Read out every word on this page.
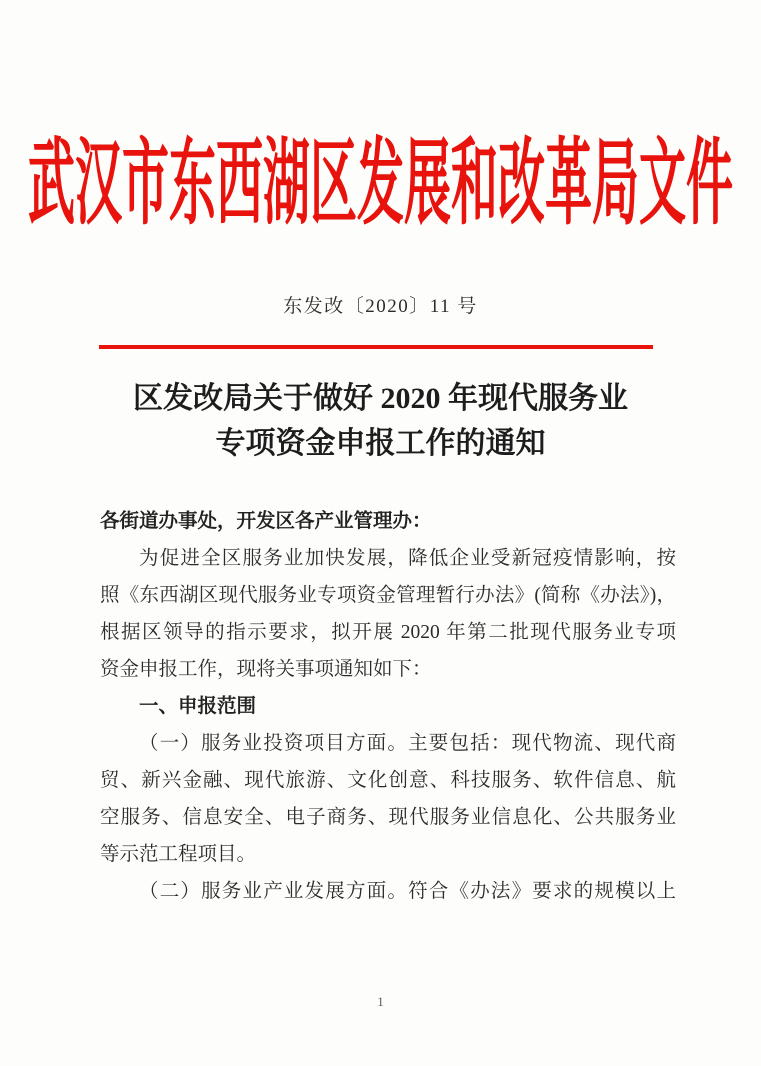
武汉市东西湖区发展和改革局文件
东发改〔2020〕11 号
区发改局关于做好 2020 年现代服务业
专项资金申报工作的通知
各街道办事处，开发区各产业管理办：
为促进全区服务业加快发展，降低企业受新冠疫情影响，按
照《东西湖区现代服务业专项资金管理暂行办法》(简称《办法》)，
根据区领导的指示要求，拟开展 2020 年第二批现代服务业专项
资金申报工作，现将关事项通知如下：
一、申报范围
（一）服务业投资项目方面。主要包括：现代物流、现代商
贸、新兴金融、现代旅游、文化创意、科技服务、软件信息、航
空服务、信息安全、电子商务、现代服务业信息化、公共服务业
等示范工程项目。
（二）服务业产业发展方面。符合《办法》要求的规模以上
1
